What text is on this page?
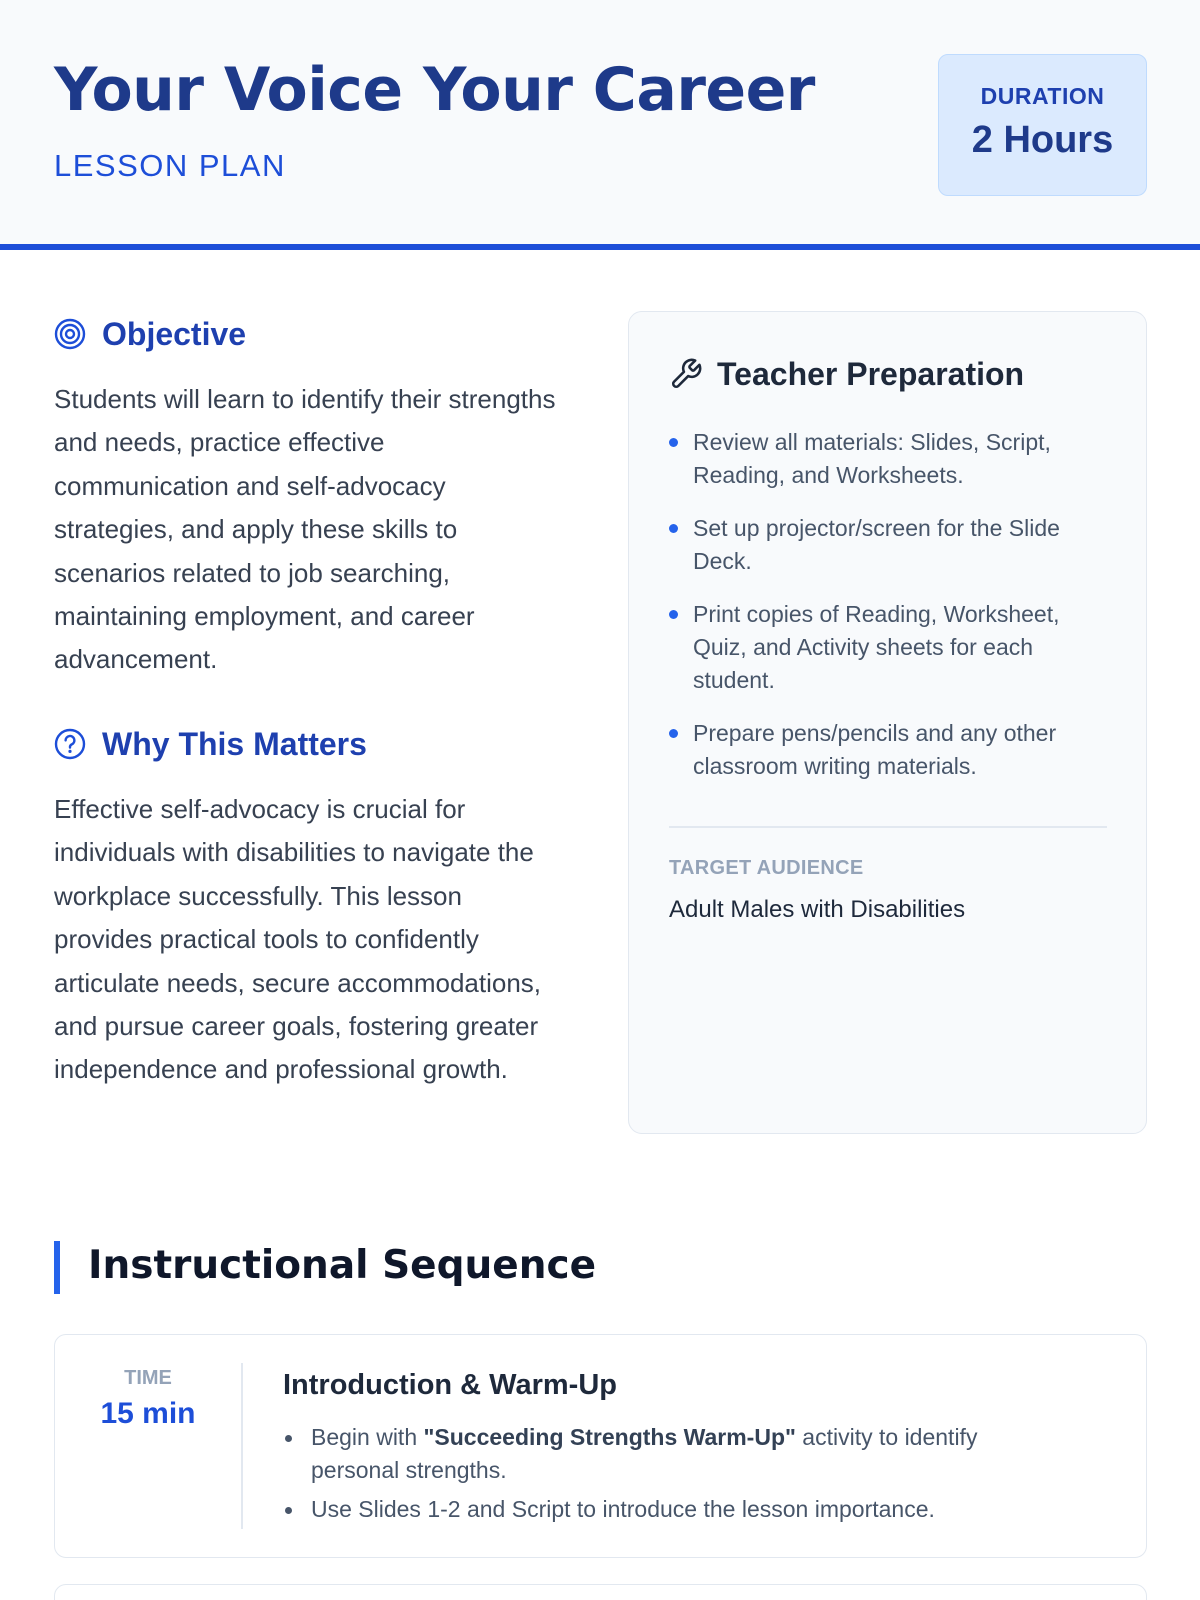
Your Voice Your Career
LESSON PLAN
DURATION
2 Hours
Objective

Students will learn to identify their strengths and needs, practice effective communication and self-advocacy strategies, and apply these skills to scenarios related to job searching, maintaining employment, and career advancement.

Why This Matters

Effective self-advocacy is crucial for individuals with disabilities to navigate the workplace successfully. This lesson provides practical tools to confidently articulate needs, secure accommodations, and pursue career goals, fostering greater independence and professional growth.

Teacher Preparation
Review all materials: Slides, Script, Reading, and Worksheets.
Set up projector/screen for the Slide Deck.
Print copies of Reading, Worksheet, Quiz, and Activity sheets for each student.
Prepare pens/pencils and any other classroom writing materials.
TARGET AUDIENCE
Adult Males with Disabilities
Instructional Sequence
TIME
15 min
Introduction & Warm-Up
Begin with "Succeeding Strengths Warm-Up" activity to identify personal strengths.
Use Slides 1-2 and Script to introduce the lesson importance.
